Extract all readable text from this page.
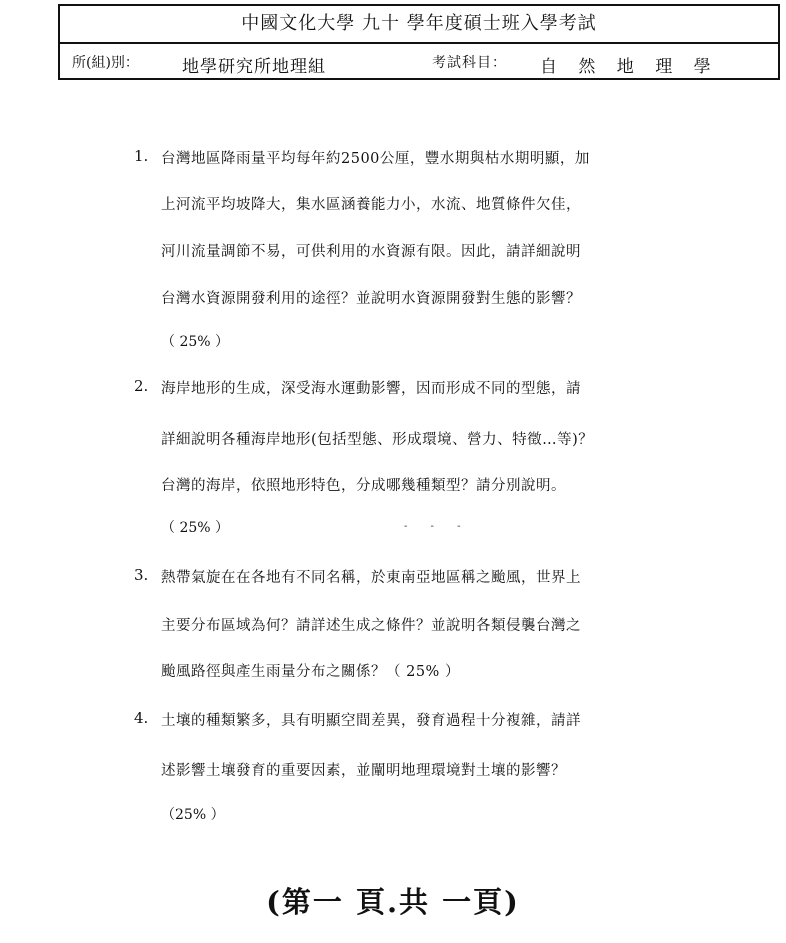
中國文化大學 九十 學年度碩士班入學考試
所(組)別：	地學研究所地理組	考試科目： 自 然 地 理 學
1. 台灣地區降雨量平均每年約2500公厘，豐水期與枯水期明顯，加
上河流平均坡降大，集水區涵養能力小，水流、地質條件欠佳，
河川流量調節不易，可供利用的水資源有限。因此，請詳細說明
台灣水資源開發利用的途徑？並說明水資源開發對生態的影響？
（ 25% ）
2. 海岸地形的生成，深受海水運動影響，因而形成不同的型態，請
詳細說明各種海岸地形(包括型態、形成環境、營力、特徵…等)？
台灣的海岸，依照地形特色，分成哪幾種類型？請分別說明。
（ 25% ）	- - -
3. 熱帶氣旋在在各地有不同名稱，於東南亞地區稱之颱風，世界上
主要分布區域為何？請詳述生成之條件？並說明各類侵襲台灣之
颱風路徑與產生雨量分布之關係？（ 25% ）
4. 土壤的種類繁多，具有明顯空間差異，發育過程十分複雜，請詳
述影響土壤發育的重要因素，並闡明地理環境對土壤的影響？
（25% ）
(第一 頁.共 一頁)
